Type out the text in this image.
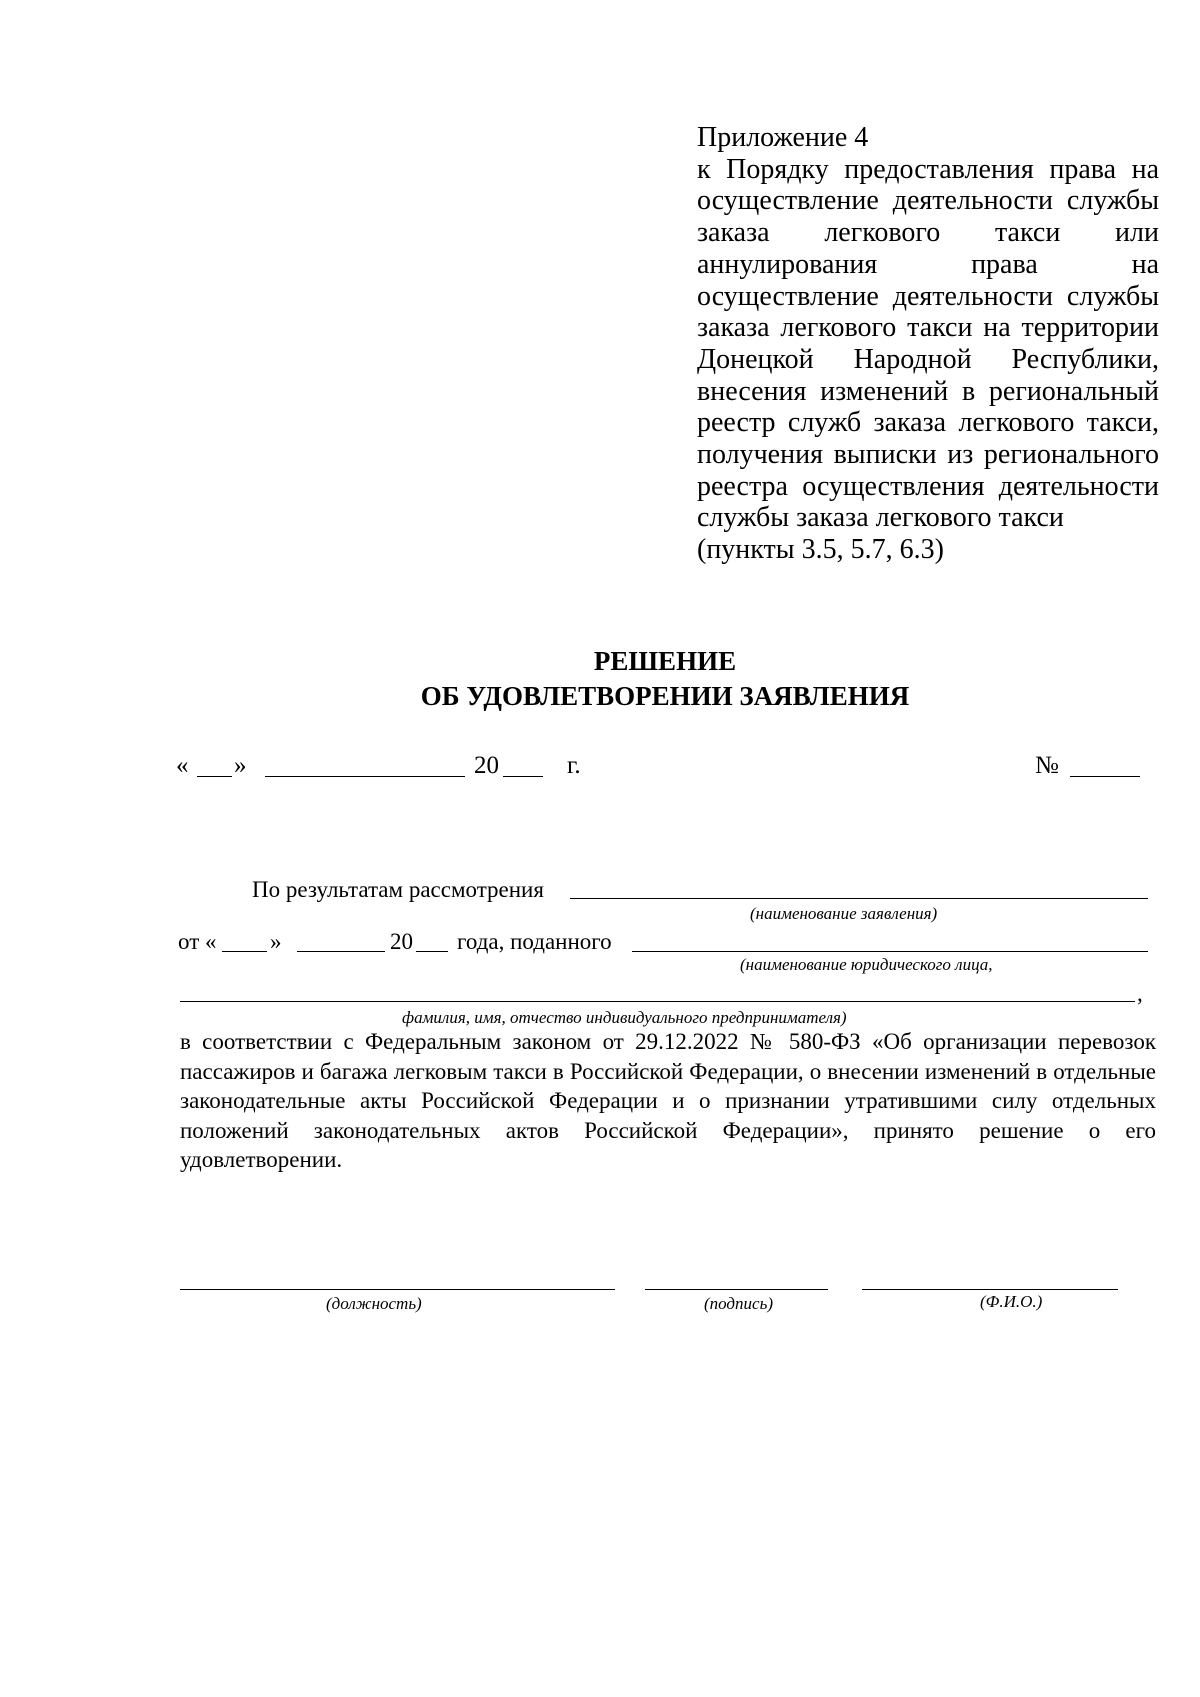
Приложение 4
к Порядку предоставления права на осуществление деятельности службы заказа легкового такси или аннулирования права на осуществление деятельности службы заказа легкового такси на территории Донецкой Народной Республики, внесения изменений в региональный реестр служб заказа легкового такси, получения выписки из регионального реестра осуществления деятельности службы заказа легкового такси
(пункты 3.5, 5.7, 6.3)
РЕШЕНИЕ
ОБ УДОВЛЕТВОРЕНИИ ЗАЯВЛЕНИЯ
« »	20	г.	№
По результатам рассмотрения
(наименование заявления)
от « »	20 года, поданного
(наименование юридического лица,
,
фамилия, имя, отчество индивидуального предпринимателя)
в соответствии с Федеральным законом от 29.12.2022 № 580-ФЗ «Об организации перевозок пассажиров и багажа легковым такси в Российской Федерации, о внесении изменений в отдельные законодательные акты Российской Федерации и о признании утратившими силу отдельных положений законодательных актов Российской Федерации», принято решение о его удовлетворении.
(должность)	(подпись)	(Ф.И.О.)
